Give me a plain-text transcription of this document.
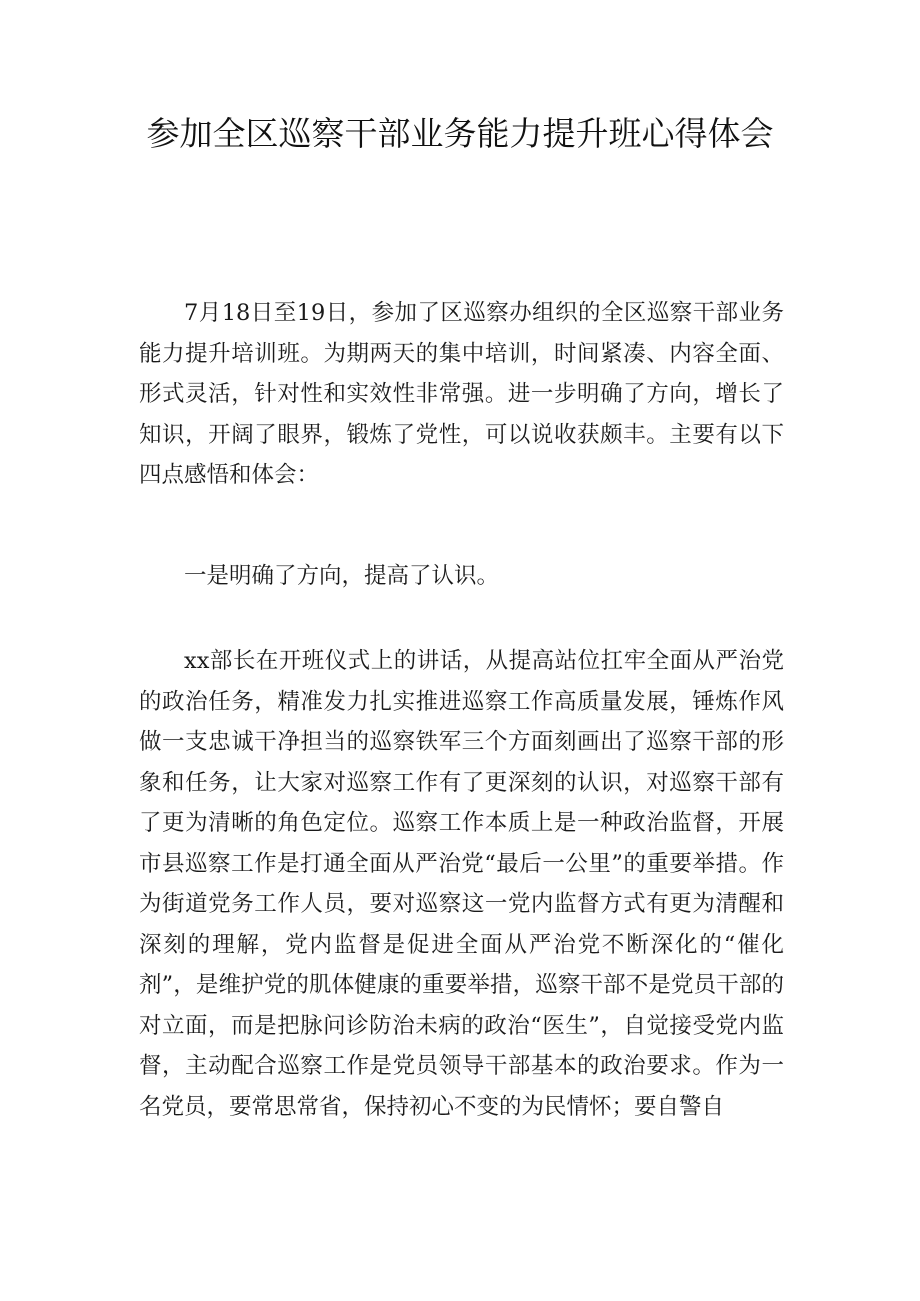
参加全区巡察干部业务能力提升班心得体会

7月18日至19日，参加了区巡察办组织的全区巡察干部业务能力提升培训班。为期两天的集中培训，时间紧凑、内容全面、形式灵活，针对性和实效性非常强。进一步明确了方向，增长了知识，开阔了眼界，锻炼了党性，可以说收获颇丰。主要有以下四点感悟和体会：

一是明确了方向，提高了认识。

xx部长在开班仪式上的讲话，从提高站位扛牢全面从严治党的政治任务，精准发力扎实推进巡察工作高质量发展，锤炼作风做一支忠诚干净担当的巡察铁军三个方面刻画出了巡察干部的形象和任务，让大家对巡察工作有了更深刻的认识，对巡察干部有了更为清晰的角色定位。巡察工作本质上是一种政治监督，开展市县巡察工作是打通全面从严治党“最后一公里”的重要举措。作为街道党务工作人员，要对巡察这一党内监督方式有更为清醒和深刻的理解，党内监督是促进全面从严治党不断深化的“催化剂”，是维护党的肌体健康的重要举措，巡察干部不是党员干部的对立面，而是把脉问诊防治未病的政治“医生”，自觉接受党内监督，主动配合巡察工作是党员领导干部基本的政治要求。作为一名党员，要常思常省，保持初心不变的为民情怀；要自警自
